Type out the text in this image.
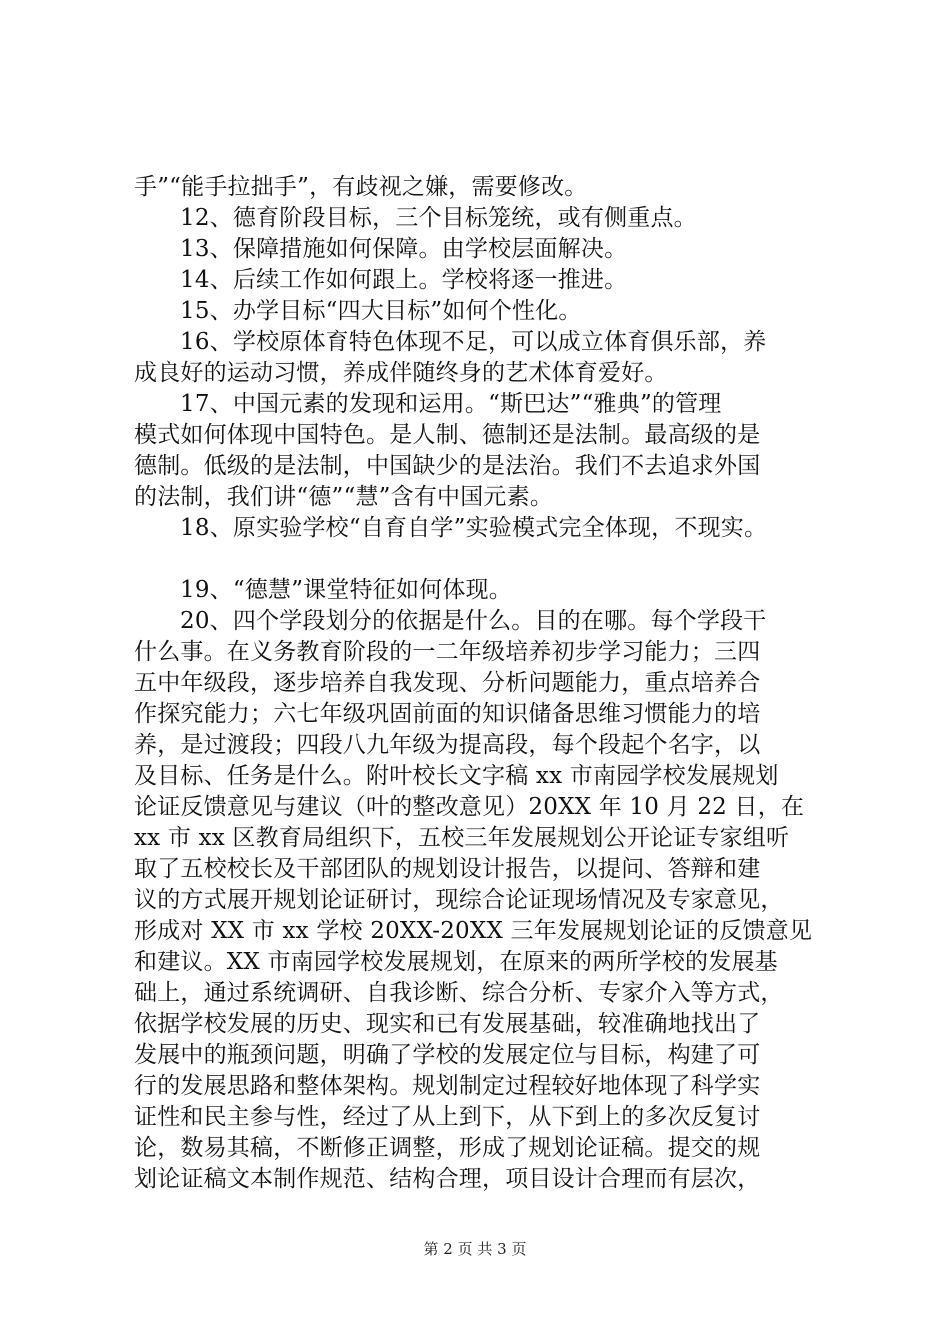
手”“能手拉拙手”，有歧视之嫌，需要修改。
12、德育阶段目标，三个目标笼统，或有侧重点。
13、保障措施如何保障。由学校层面解决。
14、后续工作如何跟上。学校将逐一推进。
15、办学目标“四大目标”如何个性化。
16、学校原体育特色体现不足，可以成立体育俱乐部，养
成良好的运动习惯，养成伴随终身的艺术体育爱好。
17、中国元素的发现和运用。“斯巴达”“雅典”的管理
模式如何体现中国特色。是人制、德制还是法制。最高级的是
德制。低级的是法制，中国缺少的是法治。我们不去追求外国
的法制，我们讲“德”“慧”含有中国元素。
18、原实验学校“自育自学”实验模式完全体现，不现实。
19、“德慧”课堂特征如何体现。
20、四个学段划分的依据是什么。目的在哪。每个学段干
什么事。在义务教育阶段的一二年级培养初步学习能力；三四
五中年级段，逐步培养自我发现、分析问题能力，重点培养合
作探究能力；六七年级巩固前面的知识储备思维习惯能力的培
养，是过渡段；四段八九年级为提高段，每个段起个名字，以
及目标、任务是什么。附叶校长文字稿 xx 市南园学校发展规划
论证反馈意见与建议（叶的整改意见）20XX 年 10 月 22 日，在
xx 市 xx 区教育局组织下，五校三年发展规划公开论证专家组听
取了五校校长及干部团队的规划设计报告，以提问、答辩和建
议的方式展开规划论证研讨，现综合论证现场情况及专家意见，
形成对 XX 市 xx 学校 20XX-20XX 三年发展规划论证的反馈意见
和建议。XX 市南园学校发展规划，在原来的两所学校的发展基
础上，通过系统调研、自我诊断、综合分析、专家介入等方式，
依据学校发展的历史、现实和已有发展基础，较准确地找出了
发展中的瓶颈问题，明确了学校的发展定位与目标，构建了可
行的发展思路和整体架构。规划制定过程较好地体现了科学实
证性和民主参与性，经过了从上到下，从下到上的多次反复讨
论，数易其稿，不断修正调整，形成了规划论证稿。提交的规
划论证稿文本制作规范、结构合理，项目设计合理而有层次，
第 2 页 共 3 页
